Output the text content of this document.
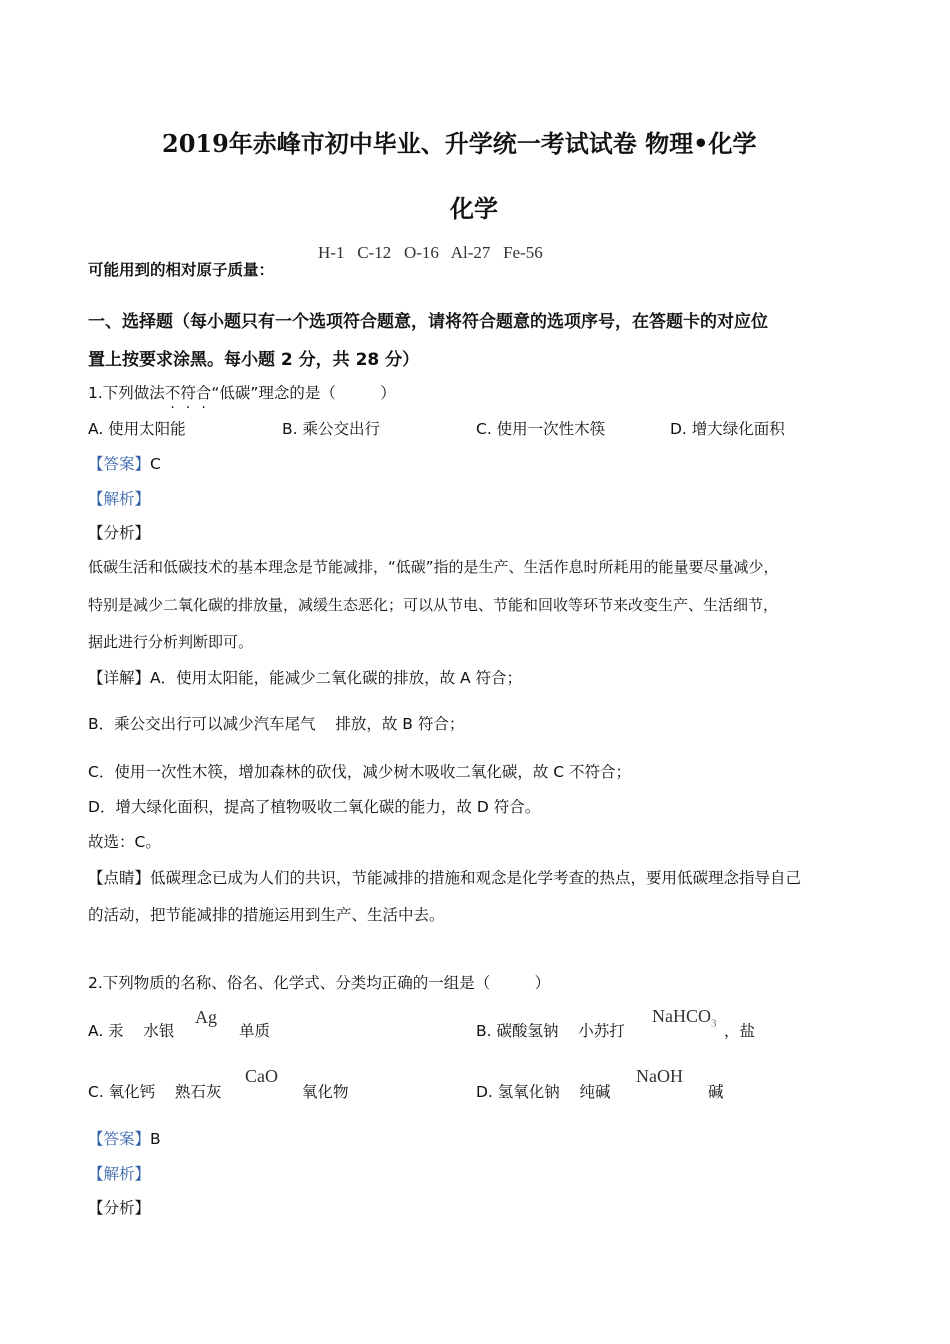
2019年赤峰市初中毕业、升学统一考试试卷 物理•化学
化学
可能用到的相对原子质量：
H-1   C-12   O-16   Al-27   Fe-56
一、选择题（每小题只有一个选项符合题意，请将符合题意的选项序号，在答题卡的对应位
置上按要求涂黑。每小题 2 分，共 28 分）
1.下列做法不符合“低碳”理念的是（         ）
A. 使用太阳能	B. 乘公交出行	C. 使用一次性木筷	D. 增大绿化面积
【答案】C
【解析】
【分析】
低碳生活和低碳技术的基本理念是节能减排，“低碳”指的是生产、生活作息时所耗用的能量要尽量减少，
特别是减少二氧化碳的排放量，减缓生态恶化；可以从节电、节能和回收等环节来改变生产、生活细节，
据此进行分析判断即可。
【详解】A．使用太阳能，能减少二氧化碳的排放，故 A 符合；
B．乘公交出行可以减少汽车尾气    排放，故 B 符合；
C．使用一次性木筷，增加森林的砍伐，减少树木吸收二氧化碳，故 C 不符合；
D．增大绿化面积，提高了植物吸收二氧化碳的能力，故 D 符合。
故选：C。
【点睛】低碳理念已成为人们的共识，节能减排的措施和观念是化学考查的热点，要用低碳理念指导自己
的活动，把节能减排的措施运用到生产、生活中去。
2.下列物质的名称、俗名、化学式、分类均正确的一组是（         ）
A. 汞    水银
Ag
单质	B. 碳酸氢钠    小苏打
NaHCO$_3$ ，盐
C. 氧化钙    熟石灰
CaO
氧化物	D. 氢氧化钠    纯碱
NaOH
碱
【答案】B
【解析】
【分析】
